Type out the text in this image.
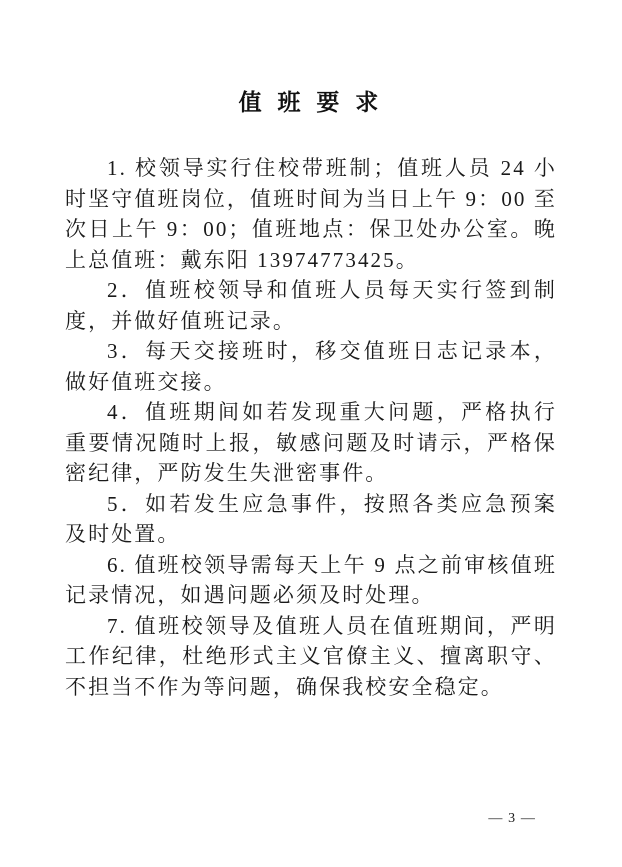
值 班 要 求

1. 校领导实行住校带班制；值班人员 24 小时坚守值班岗位，值班时间为当日上午 9：00 至次日上午 9：00；值班地点：保卫处办公室。晚上总值班：戴东阳 13974773425。

2．值班校领导和值班人员每天实行签到制度，并做好值班记录。

3．每天交接班时，移交值班日志记录本，做好值班交接。

4．值班期间如若发现重大问题，严格执行重要情况随时上报，敏感问题及时请示，严格保密纪律，严防发生失泄密事件。

5．如若发生应急事件，按照各类应急预案及时处置。

6. 值班校领导需每天上午 9 点之前审核值班记录情况，如遇问题必须及时处理。

7. 值班校领导及值班人员在值班期间，严明工作纪律，杜绝形式主义官僚主义、擅离职守、不担当不作为等问题，确保我校安全稳定。

— 3 —
